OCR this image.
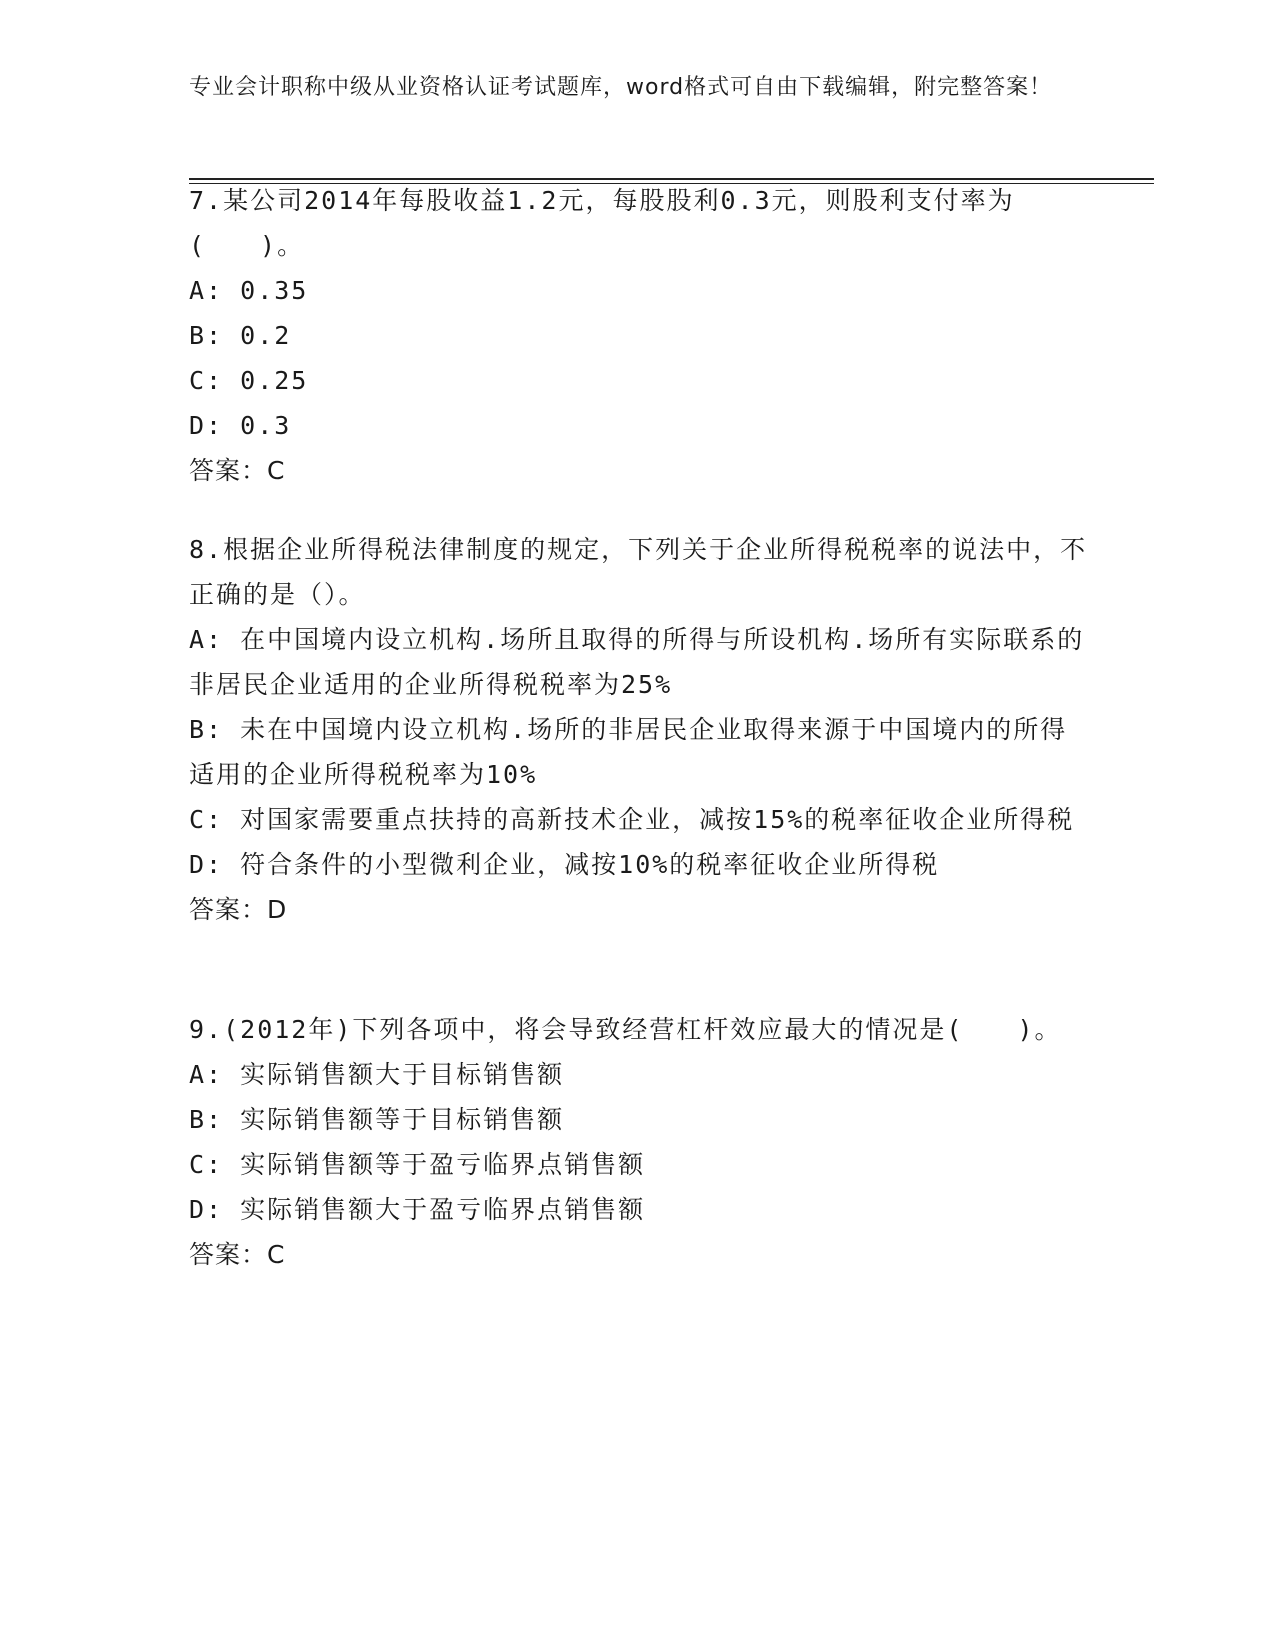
专业会计职称中级从业资格认证考试题库，word格式可自由下载编辑，附完整答案！
7.某公司2014年每股收益1.2元，每股股利0.3元，则股利支付率为(　　)。
A: 0.35
B: 0.2
C: 0.25
D: 0.3
答案：C
8.根据企业所得税法律制度的规定，下列关于企业所得税税率的说法中，不正确的是（）。
A: 在中国境内设立机构.场所且取得的所得与所设机构.场所有实际联系的非居民企业适用的企业所得税税率为25%
B: 未在中国境内设立机构.场所的非居民企业取得来源于中国境内的所得适用的企业所得税税率为10%
C: 对国家需要重点扶持的高新技术企业，减按15%的税率征收企业所得税
D: 符合条件的小型微利企业，减按10%的税率征收企业所得税
答案：D
9.(2012年)下列各项中，将会导致经营杠杆效应最大的情况是(　　)。
A: 实际销售额大于目标销售额
B: 实际销售额等于目标销售额
C: 实际销售额等于盈亏临界点销售额
D: 实际销售额大于盈亏临界点销售额
答案：C
